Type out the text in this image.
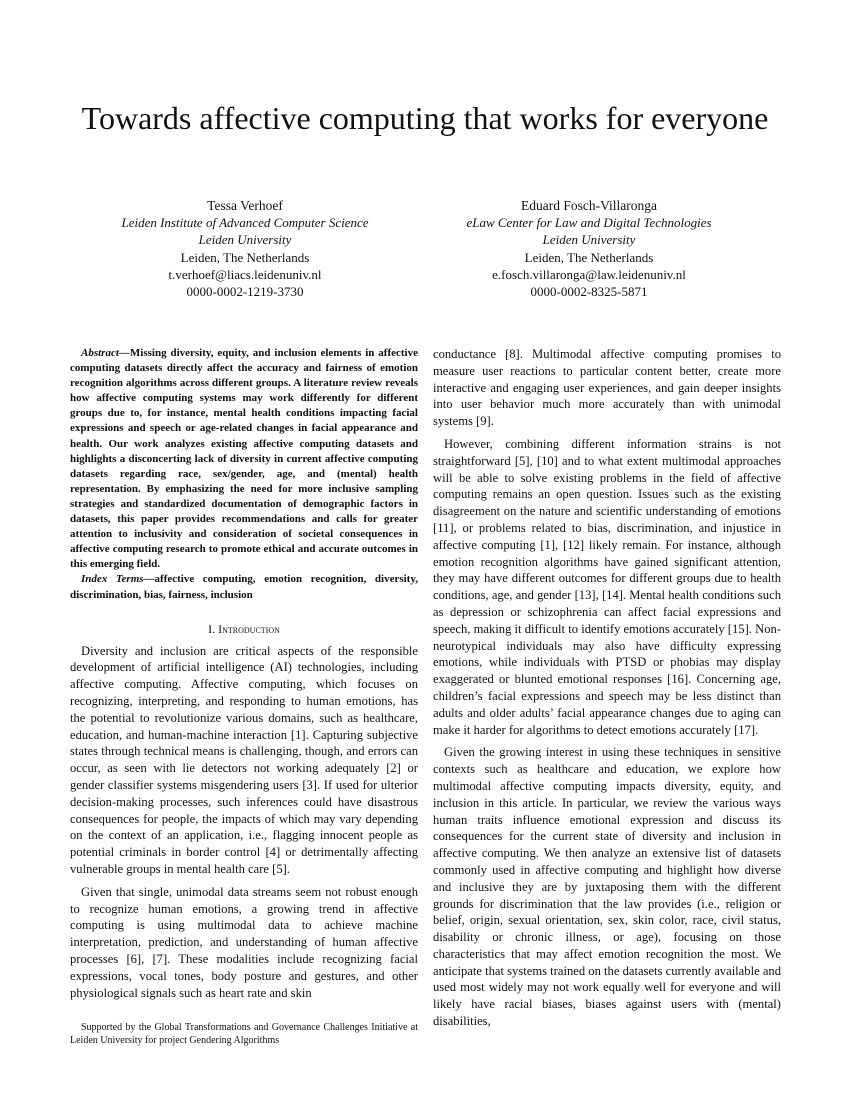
Towards affective computing that works for everyone
Tessa Verhoef
Leiden Institute of Advanced Computer Science
Leiden University
Leiden, The Netherlands
t.verhoef@liacs.leidenuniv.nl
0000-0002-1219-3730
Eduard Fosch-Villaronga
eLaw Center for Law and Digital Technologies
Leiden University
Leiden, The Netherlands
e.fosch.villaronga@law.leidenuniv.nl
0000-0002-8325-5871

Abstract—Missing diversity, equity, and inclusion elements in affective computing datasets directly affect the accuracy and fairness of emotion recognition algorithms across different groups. A literature review reveals how affective computing systems may work differently for different groups due to, for instance, mental health conditions impacting facial expressions and speech or age-related changes in facial appearance and health. Our work analyzes existing affective computing datasets and highlights a disconcerting lack of diversity in current affective computing datasets regarding race, sex/gender, age, and (mental) health representation. By emphasizing the need for more inclusive sampling strategies and standardized documentation of demographic factors in datasets, this paper provides recommendations and calls for greater attention to inclusivity and consideration of societal consequences in affective computing research to promote ethical and accurate outcomes in this emerging field.

Index Terms—affective computing, emotion recognition, diversity, discrimination, bias, fairness, inclusion

I. Introduction

Diversity and inclusion are critical aspects of the responsible development of artificial intelligence (AI) technologies, including affective computing. Affective computing, which focuses on recognizing, interpreting, and responding to human emotions, has the potential to revolutionize various domains, such as healthcare, education, and human-machine interaction [1]. Capturing subjective states through technical means is challenging, though, and errors can occur, as seen with lie detectors not working adequately [2] or gender classifier systems misgendering users [3]. If used for ulterior decision-making processes, such inferences could have disastrous consequences for people, the impacts of which may vary depending on the context of an application, i.e., flagging innocent people as potential criminals in border control [4] or detrimentally affecting vulnerable groups in mental health care [5].

Given that single, unimodal data streams seem not robust enough to recognize human emotions, a growing trend in affective computing is using multimodal data to achieve machine interpretation, prediction, and understanding of human affective processes [6], [7]. These modalities include recognizing facial expressions, vocal tones, body posture and gestures, and other physiological signals such as heart rate and skin

conductance [8]. Multimodal affective computing promises to measure user reactions to particular content better, create more interactive and engaging user experiences, and gain deeper insights into user behavior much more accurately than with unimodal systems [9].

However, combining different information strains is not straightforward [5], [10] and to what extent multimodal approaches will be able to solve existing problems in the field of affective computing remains an open question. Issues such as the existing disagreement on the nature and scientific understanding of emotions [11], or problems related to bias, discrimination, and injustice in affective computing [1], [12] likely remain. For instance, although emotion recognition algorithms have gained significant attention, they may have different outcomes for different groups due to health conditions, age, and gender [13], [14]. Mental health conditions such as depression or schizophrenia can affect facial expressions and speech, making it difficult to identify emotions accurately [15]. Non-neurotypical individuals may also have difficulty expressing emotions, while individuals with PTSD or phobias may display exaggerated or blunted emotional responses [16]. Concerning age, children’s facial expressions and speech may be less distinct than adults and older adults’ facial appearance changes due to aging can make it harder for algorithms to detect emotions accurately [17].

Given the growing interest in using these techniques in sensitive contexts such as healthcare and education, we explore how multimodal affective computing impacts diversity, equity, and inclusion in this article. In particular, we review the various ways human traits influence emotional expression and discuss its consequences for the current state of diversity and inclusion in affective computing. We then analyze an extensive list of datasets commonly used in affective computing and highlight how diverse and inclusive they are by juxtaposing them with the different grounds for discrimination that the law provides (i.e., religion or belief, origin, sexual orientation, sex, skin color, race, civil status, disability or chronic illness, or age), focusing on those characteristics that may affect emotion recognition the most. We anticipate that systems trained on the datasets currently available and used most widely may not work equally well for everyone and will likely have racial biases, biases against users with (mental) disabilities,

Supported by the Global Transformations and Governance Challenges Initiative at Leiden University for project Gendering Algorithms
